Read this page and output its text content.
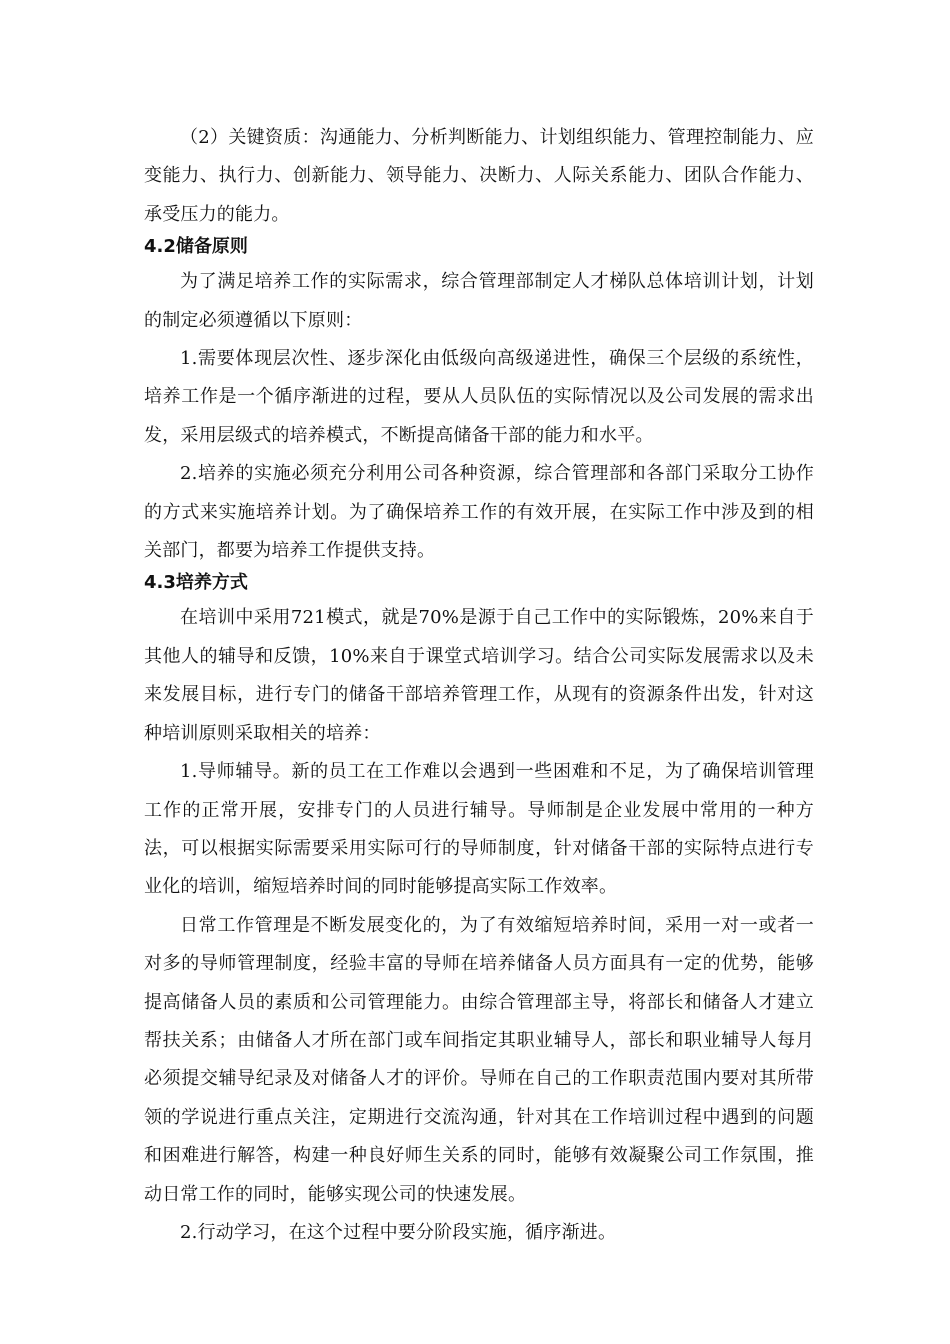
（2）关键资质：沟通能力、分析判断能力、计划组织能力、管理控制能力、应变能力、执行力、创新能力、领导能力、决断力、人际关系能力、团队合作能力、承受压力的能力。

4.2储备原则

为了满足培养工作的实际需求，综合管理部制定人才梯队总体培训计划，计划的制定必须遵循以下原则：

1.需要体现层次性、逐步深化由低级向高级递进性，确保三个层级的系统性，培养工作是一个循序渐进的过程，要从人员队伍的实际情况以及公司发展的需求出发，采用层级式的培养模式，不断提高储备干部的能力和水平。

2.培养的实施必须充分利用公司各种资源，综合管理部和各部门采取分工协作的方式来实施培养计划。为了确保培养工作的有效开展，在实际工作中涉及到的相关部门，都要为培养工作提供支持。

4.3培养方式

在培训中采用721模式，就是70%是源于自己工作中的实际锻炼，20%来自于其他人的辅导和反馈，10%来自于课堂式培训学习。结合公司实际发展需求以及未来发展目标，进行专门的储备干部培养管理工作，从现有的资源条件出发，针对这种培训原则采取相关的培养：

1.导师辅导。新的员工在工作难以会遇到一些困难和不足，为了确保培训管理工作的正常开展，安排专门的人员进行辅导。导师制是企业发展中常用的一种方法，可以根据实际需要采用实际可行的导师制度，针对储备干部的实际特点进行专业化的培训，缩短培养时间的同时能够提高实际工作效率。

日常工作管理是不断发展变化的，为了有效缩短培养时间，采用一对一或者一对多的导师管理制度，经验丰富的导师在培养储备人员方面具有一定的优势，能够提高储备人员的素质和公司管理能力。由综合管理部主导，将部长和储备人才建立帮扶关系；由储备人才所在部门或车间指定其职业辅导人，部长和职业辅导人每月必须提交辅导纪录及对储备人才的评价。导师在自己的工作职责范围内要对其所带领的学说进行重点关注，定期进行交流沟通，针对其在工作培训过程中遇到的问题和困难进行解答，构建一种良好师生关系的同时，能够有效凝聚公司工作氛围，推动日常工作的同时，能够实现公司的快速发展。

2.行动学习，在这个过程中要分阶段实施，循序渐进。
